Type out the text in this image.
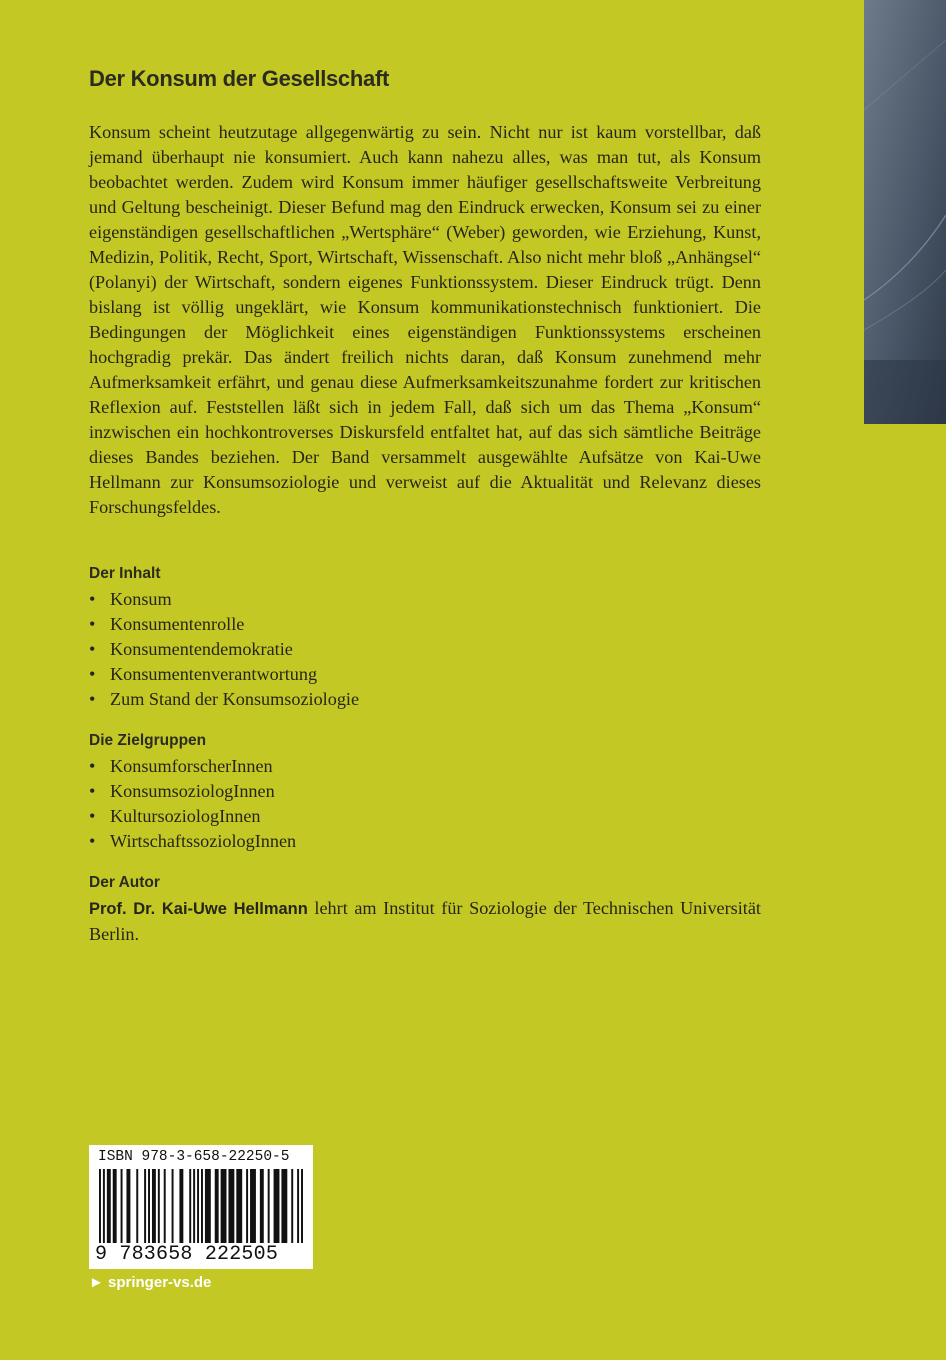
Der Konsum der Gesellschaft

Konsum scheint heutzutage allgegenwärtig zu sein. Nicht nur ist kaum vorstellbar, daß jemand überhaupt nie konsumiert. Auch kann nahezu alles, was man tut, als Konsum beobachtet werden. Zudem wird Konsum immer häufiger gesellschaftsweite Verbreitung und Geltung bescheinigt. Dieser Befund mag den Eindruck erwecken, Konsum sei zu einer eigenständigen gesellschaftlichen „Wertsphäre“ (Weber) geworden, wie Erziehung, Kunst, Medizin, Politik, Recht, Sport, Wirtschaft, Wissenschaft. Also nicht mehr bloß „Anhängsel“ (Polanyi) der Wirtschaft, sondern eigenes Funktionssystem. Dieser Eindruck trügt. Denn bislang ist völlig ungeklärt, wie Konsum kommunikationstechnisch funktioniert. Die Bedingungen der Möglichkeit eines eigenständigen Funktionssystems erscheinen hochgradig prekär. Das ändert freilich nichts daran, daß Konsum zunehmend mehr Aufmerksamkeit erfährt, und genau diese Aufmerksamkeitszunahme fordert zur kritischen Reflexion auf. Feststellen läßt sich in jedem Fall, daß sich um das Thema „Konsum“ inzwischen ein hochkontroverses Diskursfeld entfaltet hat, auf das sich sämtliche Beiträge dieses Bandes beziehen. Der Band versammelt ausgewählte Aufsätze von Kai-Uwe Hellmann zur Konsumsoziologie und verweist auf die Aktualität und Relevanz dieses Forschungsfeldes.

Der Inhalt
• Konsum
• Konsumentenrolle
• Konsumentendemokratie
• Konsumentenverantwortung
• Zum Stand der Konsumsoziologie
Die Zielgruppen
• KonsumforscherInnen
• KonsumsoziologInnen
• KultursoziologInnen
• WirtschaftssoziologInnen
Der Autor
Prof. Dr. Kai-Uwe Hellmann lehrt am Institut für Soziologie der Technischen Universität Berlin.
ISBN 978-3-658-22250-5
9 783658 222505
► springer-vs.de
